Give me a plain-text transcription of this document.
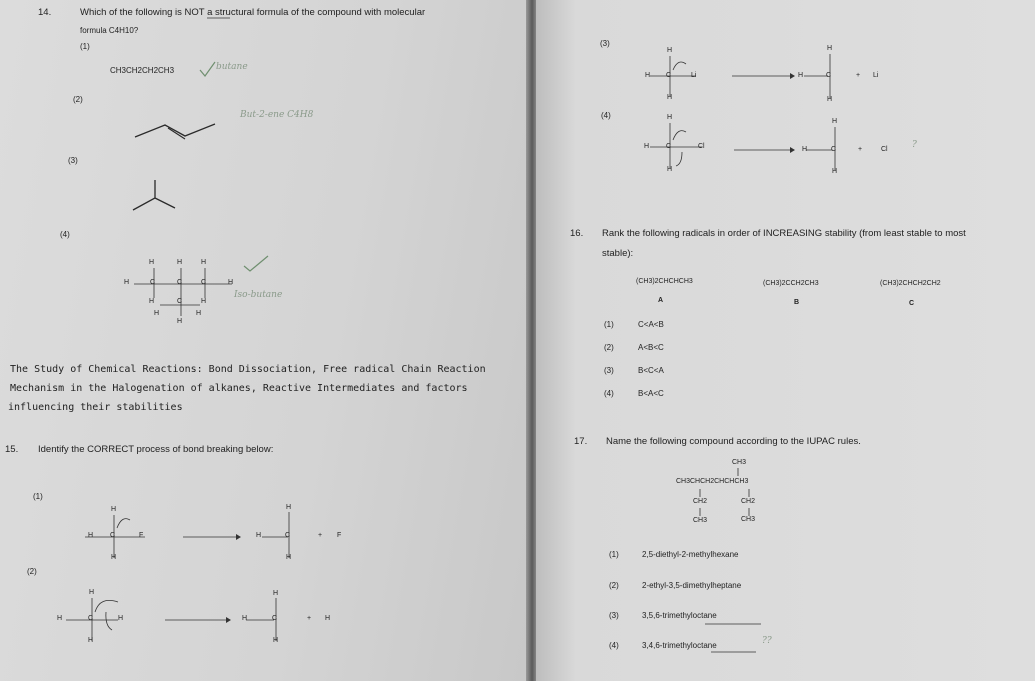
14.	Which of the following is NOT a structural formula of the compound with molecular
formula C4H10?
(1)
CH3CH2CH2CH3	butane
(2)
But-2-ene C4H8
(3)
(4)
Iso-butane
H	H	H
H	C	C	C	H
H	C	H
H	H
H
The Study of Chemical Reactions: Bond Dissociation, Free radical Chain Reaction
Mechanism in the Halogenation of alkanes, Reactive Intermediates and factors
influencing their stabilities
15. Identify the CORRECT process of bond breaking below:
(1)
(2)
H
H C	F
H
H
H	C
H
+ F
H
H	C	H
H
H
H	C
H
+ H
(3)
(4)
H
H C	Li
H
H
H	C
H
+ Li
H
H C	Cl
H
H
H	C
H
+	Cl	?
16. Rank the following radicals in order of INCREASING stability (from least stable to most
stable):
(CH3)2CHCHCH3
A
(CH3)2CCH2CH3
B
(CH3)2CHCH2CH2
C
(1)	C<A<B
(2)	A<B<C
(3)	B<C<A
(4)	B<A<C
17. Name the following compound according to the IUPAC rules.
CH3
CH3CHCH2CHCHCH3
CH2	CH2
CH3	CH3
(1)	2,5-diethyl-2-methylhexane
(2)	2-ethyl-3,5-dimethylheptane
(3)	3,5,6-trimethyloctane
(4)	3,4,6-trimethyloctane	??
